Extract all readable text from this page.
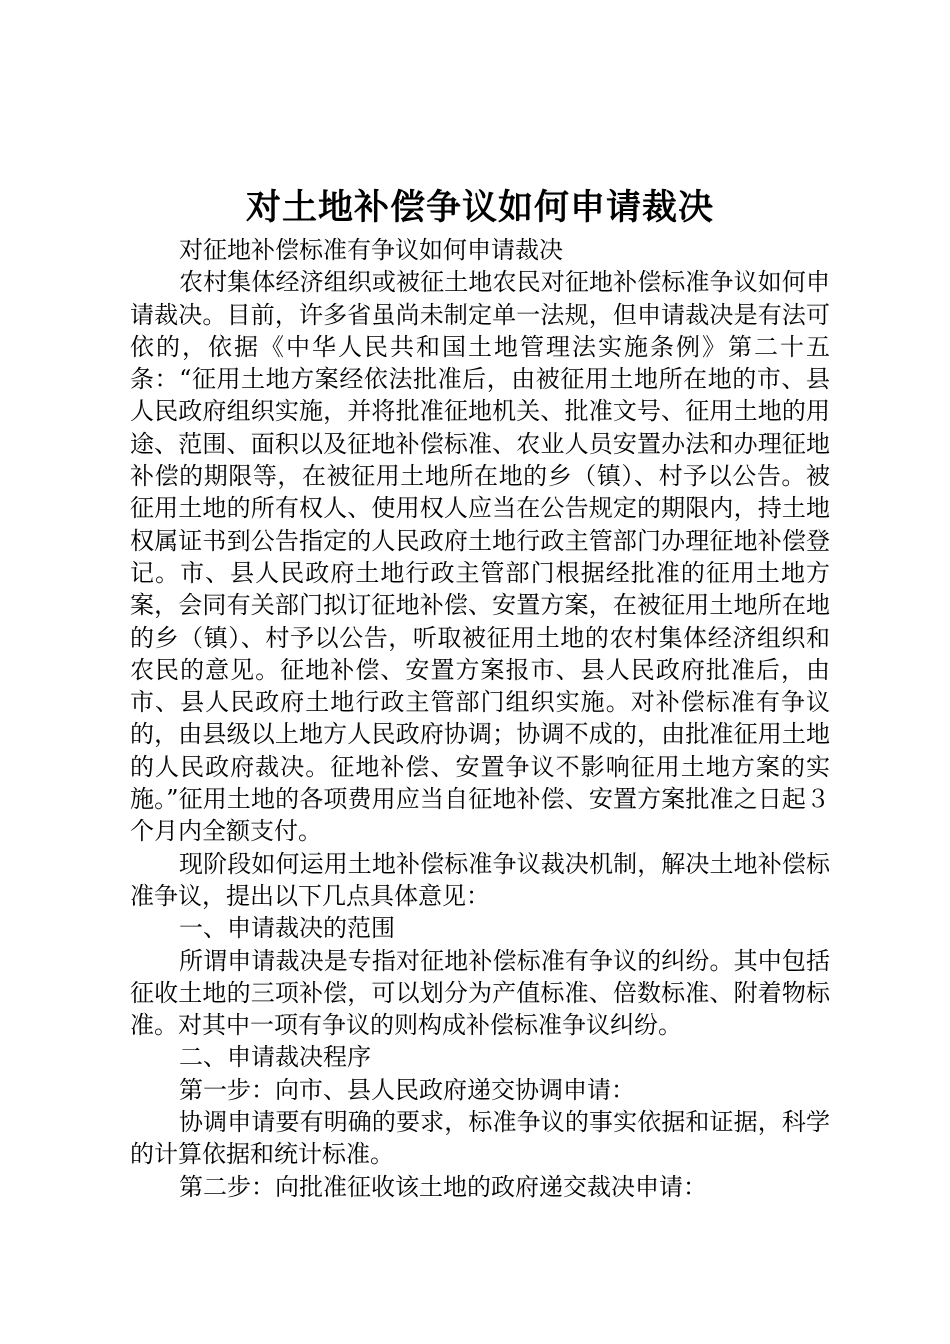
对土地补偿争议如何申请裁决

对征地补偿标准有争议如何申请裁决

农村集体经济组织或被征土地农民对征地补偿标准争议如何申请裁决。目前，许多省虽尚未制定单一法规，但申请裁决是有法可依的，依据《中华人民共和国土地管理法实施条例》第二十五条：“征用土地方案经依法批准后，由被征用土地所在地的市、县人民政府组织实施，并将批准征地机关、批准文号、征用土地的用途、范围、面积以及征地补偿标准、农业人员安置办法和办理征地补偿的期限等，在被征用土地所在地的乡（镇）、村予以公告。被征用土地的所有权人、使用权人应当在公告规定的期限内，持土地权属证书到公告指定的人民政府土地行政主管部门办理征地补偿登记。市、县人民政府土地行政主管部门根据经批准的征用土地方案，会同有关部门拟订征地补偿、安置方案，在被征用土地所在地的乡（镇）、村予以公告，听取被征用土地的农村集体经济组织和农民的意见。征地补偿、安置方案报市、县人民政府批准后，由市、县人民政府土地行政主管部门组织实施。对补偿标准有争议的，由县级以上地方人民政府协调；协调不成的，由批准征用土地的人民政府裁决。征地补偿、安置争议不影响征用土地方案的实施。”征用土地的各项费用应当自征地补偿、安置方案批准之日起３个月内全额支付。

现阶段如何运用土地补偿标准争议裁决机制，解决土地补偿标准争议，提出以下几点具体意见：

一、申请裁决的范围

所谓申请裁决是专指对征地补偿标准有争议的纠纷。其中包括征收土地的三项补偿，可以划分为产值标准、倍数标准、附着物标准。对其中一项有争议的则构成补偿标准争议纠纷。

二、申请裁决程序

第一步：向市、县人民政府递交协调申请：

协调申请要有明确的要求，标准争议的事实依据和证据，科学的计算依据和统计标准。

第二步：向批准征收该土地的政府递交裁决申请：
